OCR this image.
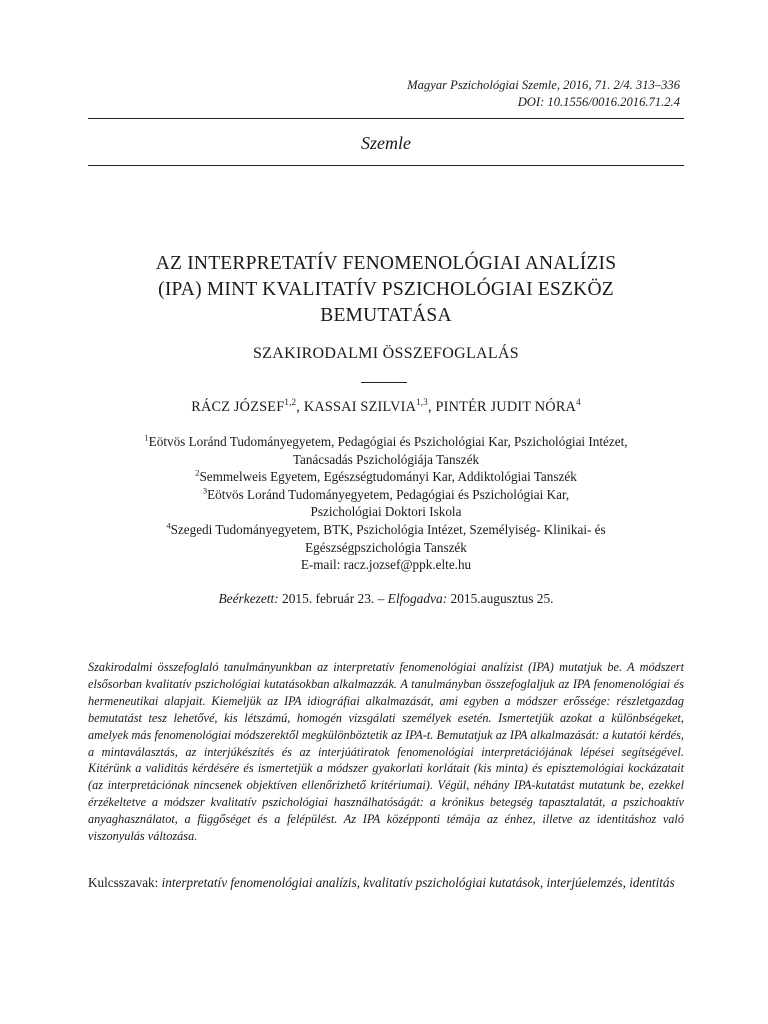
Magyar Pszichológiai Szemle, 2016, 71. 2/4. 313–336
DOI: 10.1556/0016.2016.71.2.4
Szemle
AZ INTERPRETATÍV FENOMENOLÓGIAI ANALÍZIS
(IPA) MINT KVALITATÍV PSZICHOLÓGIAI ESZKÖZ
BEMUTATÁSA
SZAKIRODALMI ÖSSZEFOGLALÁS
RÁCZ JÓZSEF$^{1,2}$, KASSAI SZILVIA$^{1,3}$, PINTÉR JUDIT NÓRA$^4$
$^1$Eötvös Loránd Tudományegyetem, Pedagógiai és Pszichológiai Kar, Pszichológiai Intézet,
Tanácsadás Pszichológiája Tanszék
$^2$Semmelweis Egyetem, Egészségtudományi Kar, Addiktológiai Tanszék
$^3$Eötvös Loránd Tudományegyetem, Pedagógiai és Pszichológiai Kar,
Pszichológiai Doktori Iskola
$^4$Szegedi Tudományegyetem, BTK, Pszichológia Intézet, Személyiség- Klinikai- és
Egészségpszichológia Tanszék
E-mail: racz.jozsef@ppk.elte.hu
Beérkezett: 2015. február 23. – Elfogadva: 2015.augusztus 25.

Szakirodalmi összefoglaló tanulmányunkban az interpretatív fenomenológiai analízist (IPA) mutatjuk be. A módszert elsősorban kvalitatív pszichológiai kutatásokban alkalmazzák. A tanulmányban összefoglaljuk az IPA fenomenológiai és hermeneutikai alapjait. Kiemeljük az IPA idiográfiai alkalmazását, ami egyben a módszer erőssége: részletgazdag bemutatást tesz lehetővé, kis létszámú, homogén vizsgálati személyek esetén. Ismertetjük azokat a különbségeket, amelyek más fenomenológiai módszerektől megkülönböztetik az IPA-t. Bemutatjuk az IPA alkalmazását: a kutatói kérdés, a mintaválasztás, az interjúkészítés és az interjúátiratok fenomenológiai interpretációjának lépései segítségével. Kitérünk a validitás kérdésére és ismertetjük a módszer gyakorlati korlátait (kis minta) és episztemológiai kockázatait (az interpretációnak nincsenek objektíven ellenőrizhető kritériumai). Végül, néhány IPA-kutatást mutatunk be, ezekkel érzékeltetve a módszer kvalitatív pszichológiai használhatóságát: a krónikus betegség tapasztalatát, a pszichoaktív anyaghasználatot, a függőséget és a felépülést. Az IPA középponti témája az énhez, illetve az identitáshoz való viszonyulás változása.

Kulcsszavak: interpretatív fenomenológiai analízis, kvalitatív pszichológiai kutatások, interjúelemzés, identitás
